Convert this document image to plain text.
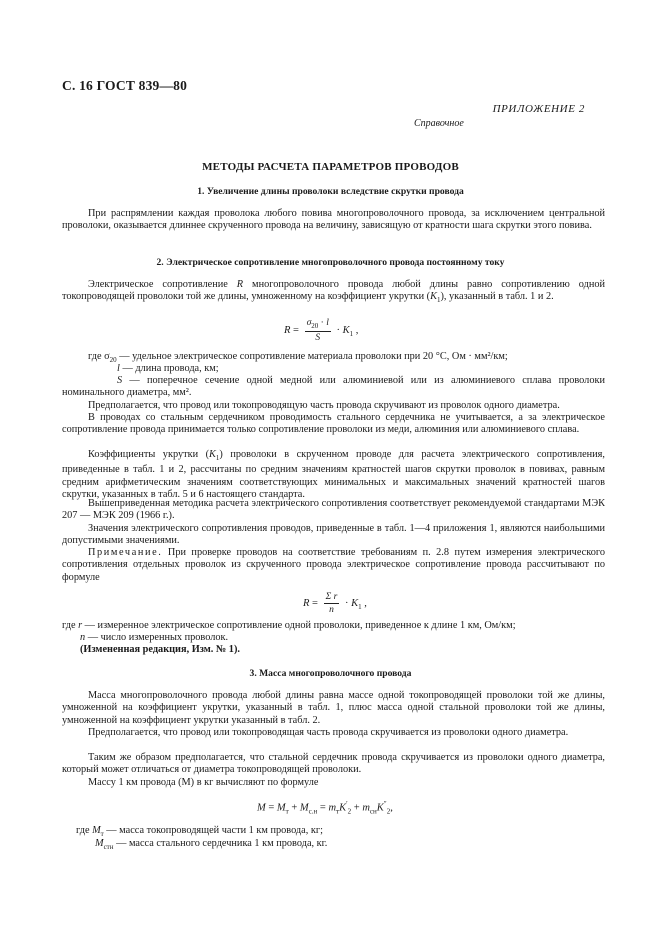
С. 16 ГОСТ 839—80
ПРИЛОЖЕНИЕ 2
Справочное
МЕТОДЫ РАСЧЕТА ПАРАМЕТРОВ ПРОВОДОВ
1. Увеличение длины проволоки вследствие скрутки провода

При распрямлении каждая проволока любого повива многопроволочного провода, за исключением центральной проволоки, оказывается длиннее скрученного провода на величину, зависящую от кратности шага скрутки этого повива.

2. Электрическое сопротивление многопроволочного провода постоянному току

Электрическое сопротивление R многопроволочного провода любой длины равно сопротивлению одной токопроводящей проволоки той же длины, умноженному на коэффициент укрутки $(K_1)$, указанный в табл. 1 и 2.

$R = \frac{\sigma_{20} \cdot l}{S} \cdot K_1$ ,
где $\sigma_{20}$ — удельное электрическое сопротивление материала проволоки при 20 °С, Ом · мм²/км;
l — длина провода, км;

S — поперечное сечение одной медной или алюминиевой или из алюминиевого сплава проволоки номинального диаметра, мм².

Предполагается, что провод или токопроводящую часть провода скручивают из проволок одного диаметра.

В проводах со стальным сердечником проводимость стального сердечника не учитывается, а за электрическое сопротивление провода принимается только сопротивление проволоки из меди, алюминия или алюминиевого сплава.

Коэффициенты укрутки $(K_1)$ проволоки в скрученном проводе для расчета электрического сопротивления, приведенные в табл. 1 и 2, рассчитаны по средним значениям кратностей шагов скрутки проволок в повивах, равным средним арифметическим значениям соответствующих минимальных и максимальных значений кратностей шагов скрутки, указанных в табл. 5 и 6 настоящего стандарта.

Вышеприведенная методика расчета электрического сопротивления соответствует рекомендуемой стандартами МЭК 207 — МЭК 209 (1966 г.).

Значения электрического сопротивления проводов, приведенные в табл. 1—4 приложения 1, являются наибольшими допустимыми значениями.

Примечание. При проверке проводов на соответствие требованиям п. 2.8 путем измерения электрического сопротивления отдельных проволок из скрученного провода электрическое сопротивление провода рассчитывают по формуле

$R = \frac{\text{Σ r}}{n} \cdot K_1$ ,
где r — измеренное электрическое сопротивление одной проволоки, приведенное к длине 1 км, Ом/км;
n — число измеренных проволок.
(Измененная редакция, Изм. № 1).
3. Масса многопроволочного провода

Масса многопроволочного провода любой длины равна массе одной токопроводящей проволоки той же длины, умноженной на коэффициент укрутки, указанный в табл. 1, плюс масса одной стальной проволоки той же длины, умноженной на коэффициент укрутки указанный в табл. 2.

Предполагается, что провод или токопроводящая часть провода скручивается из проволоки одного диаметра.

Таким же образом предполагается, что стальной сердечник провода скручивается из проволоки одного диаметра, который может отличаться от диаметра токопроводящей проволоки.

Массу 1 км провода (М) в кг вычисляют по формуле

$M = M_т + M_{с.н} = m_тK'_2 + m_{сн}K''_2$,
где $M_т$ — масса токопроводящей части 1 км провода, кг;
$M_{стн}$ — масса стального сердечника 1 км провода, кг.
